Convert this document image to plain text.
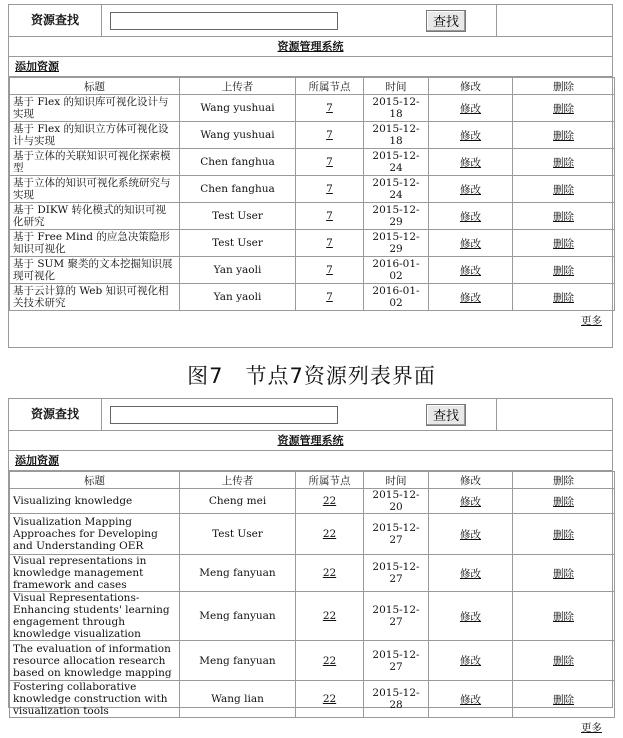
资源查找	查找
资源管理系统
添加资源
标题	上传者	所属节点	时间	修改	删除
基于 Flex 的知识库可视化设计与实现	Wang yushuai	7	2015-12-18	修改	删除
基于 Flex 的知识立方体可视化设计与实现	Wang yushuai	7	2015-12-18	修改	删除
基于立体的关联知识可视化探索模型	Chen fanghua	7	2015-12-24	修改	删除
基于立体的知识可视化系统研究与实现	Chen fanghua	7	2015-12-24	修改	删除
基于 DIKW 转化模式的知识可视化研究	Test User	7	2015-12-29	修改	删除
基于 Free Mind 的应急决策隐形知识可视化	Test User	7	2015-12-29	修改	删除
基于 SUM 聚类的文本挖掘知识展现可视化	Yan yaoli	7	2016-01-02	修改	删除
基于云计算的 Web 知识可视化相关技术研究	Yan yaoli	7	2016-01-02	修改	删除
更多
图7　节点7资源列表界面
资源查找	查找
资源管理系统
添加资源
标题	上传者	所属节点	时间	修改	删除
Visualizing knowledge	Cheng mei	22	2015-12-20	修改	删除
Visualization Mapping Approaches for Developing and Understanding OER	Test User	22	2015-12-27	修改	删除
Visual representations in knowledge management framework and cases	Meng fanyuan	22	2015-12-27	修改	删除
Visual Representations-Enhancing students' learning engagement through knowledge visualization	Meng fanyuan	22	2015-12-27	修改	删除
The evaluation of information resource allocation research based on knowledge mapping	Meng fanyuan	22	2015-12-27	修改	删除
Fostering collaborative knowledge construction with visualization tools	Wang lian	22	2015-12-28	修改	删除
更多
